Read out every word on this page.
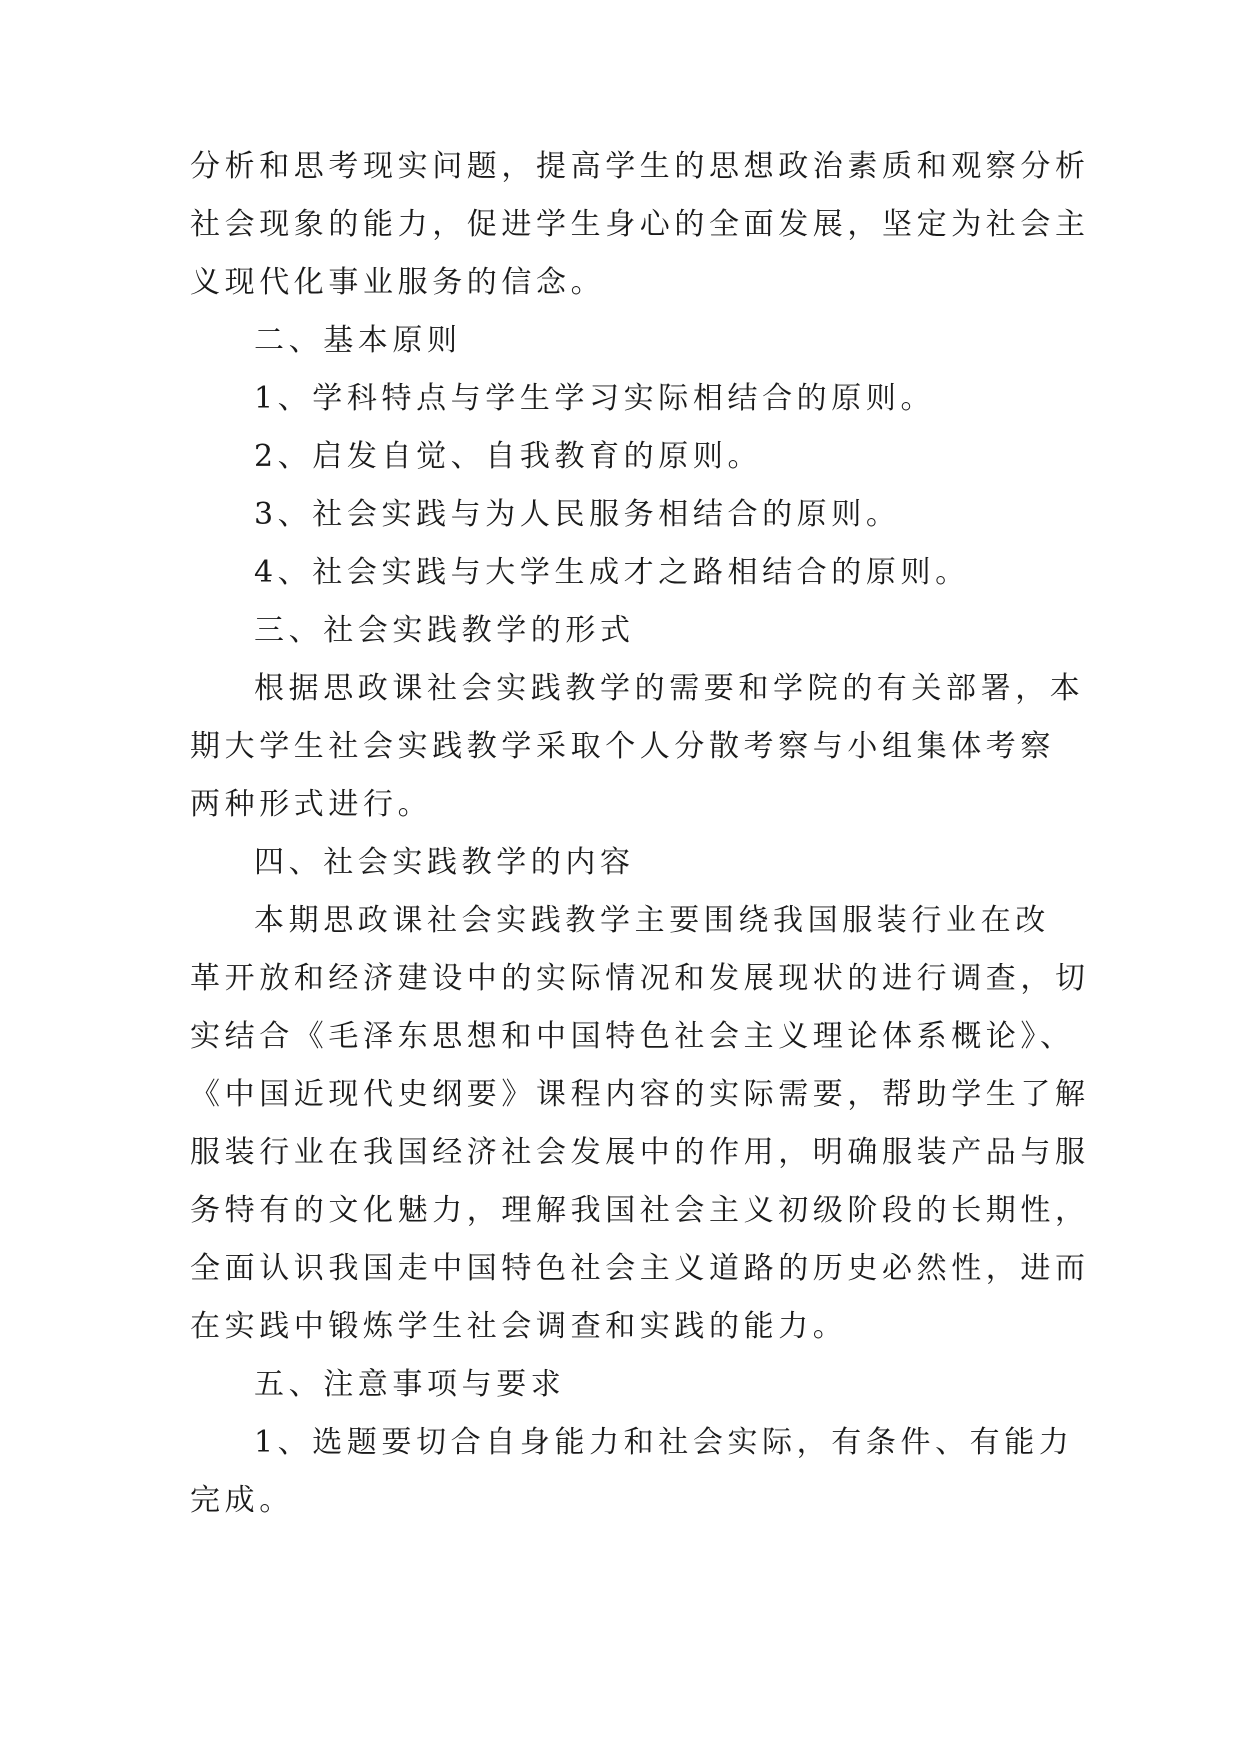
分析和思考现实问题，提高学生的思想政治素质和观察分析
社会现象的能力，促进学生身心的全面发展，坚定为社会主
义现代化事业服务的信念。
二、基本原则
1、学科特点与学生学习实际相结合的原则。
2、启发自觉、自我教育的原则。
3、社会实践与为人民服务相结合的原则。
4、社会实践与大学生成才之路相结合的原则。
三、社会实践教学的形式
根据思政课社会实践教学的需要和学院的有关部署，本
期大学生社会实践教学采取个人分散考察与小组集体考察
两种形式进行。
四、社会实践教学的内容
本期思政课社会实践教学主要围绕我国服装行业在改
革开放和经济建设中的实际情况和发展现状的进行调查，切
实结合《毛泽东思想和中国特色社会主义理论体系概论》、
《中国近现代史纲要》课程内容的实际需要，帮助学生了解
服装行业在我国经济社会发展中的作用，明确服装产品与服
务特有的文化魅力，理解我国社会主义初级阶段的长期性，
全面认识我国走中国特色社会主义道路的历史必然性，进而
在实践中锻炼学生社会调查和实践的能力。
五、注意事项与要求
1、选题要切合自身能力和社会实际，有条件、有能力
完成。
